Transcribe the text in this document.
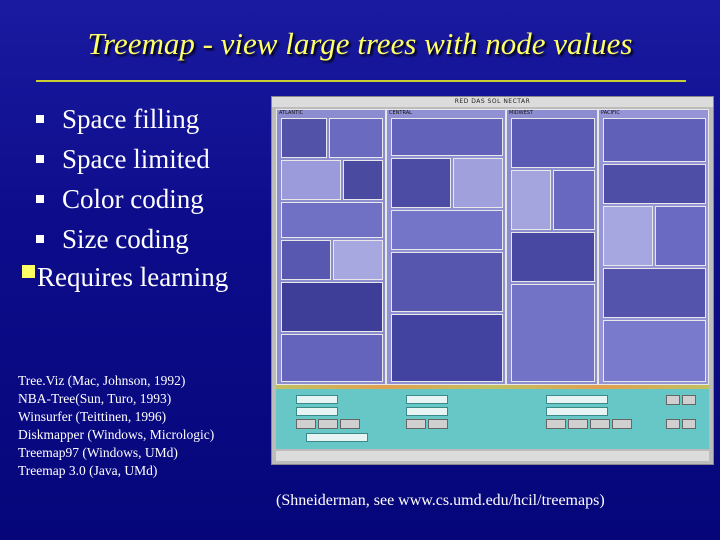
Treemap - view large trees with node values
Space filling
Space limited
Color coding
Size coding
Requires learning
Tree.Viz (Mac, Johnson, 1992)
NBA-Tree(Sun, Turo, 1993)
Winsurfer (Teittinen, 1996)
Diskmapper (Windows, Micrologic)
Treemap97 (Windows, UMd)
Treemap 3.0 (Java, UMd)
(Shneiderman, see www.cs.umd.edu/hcil/treemaps)
RED DAS SOL NECTAR
ATLANTIC	CENTRAL	MIDWEST	PACIFIC
